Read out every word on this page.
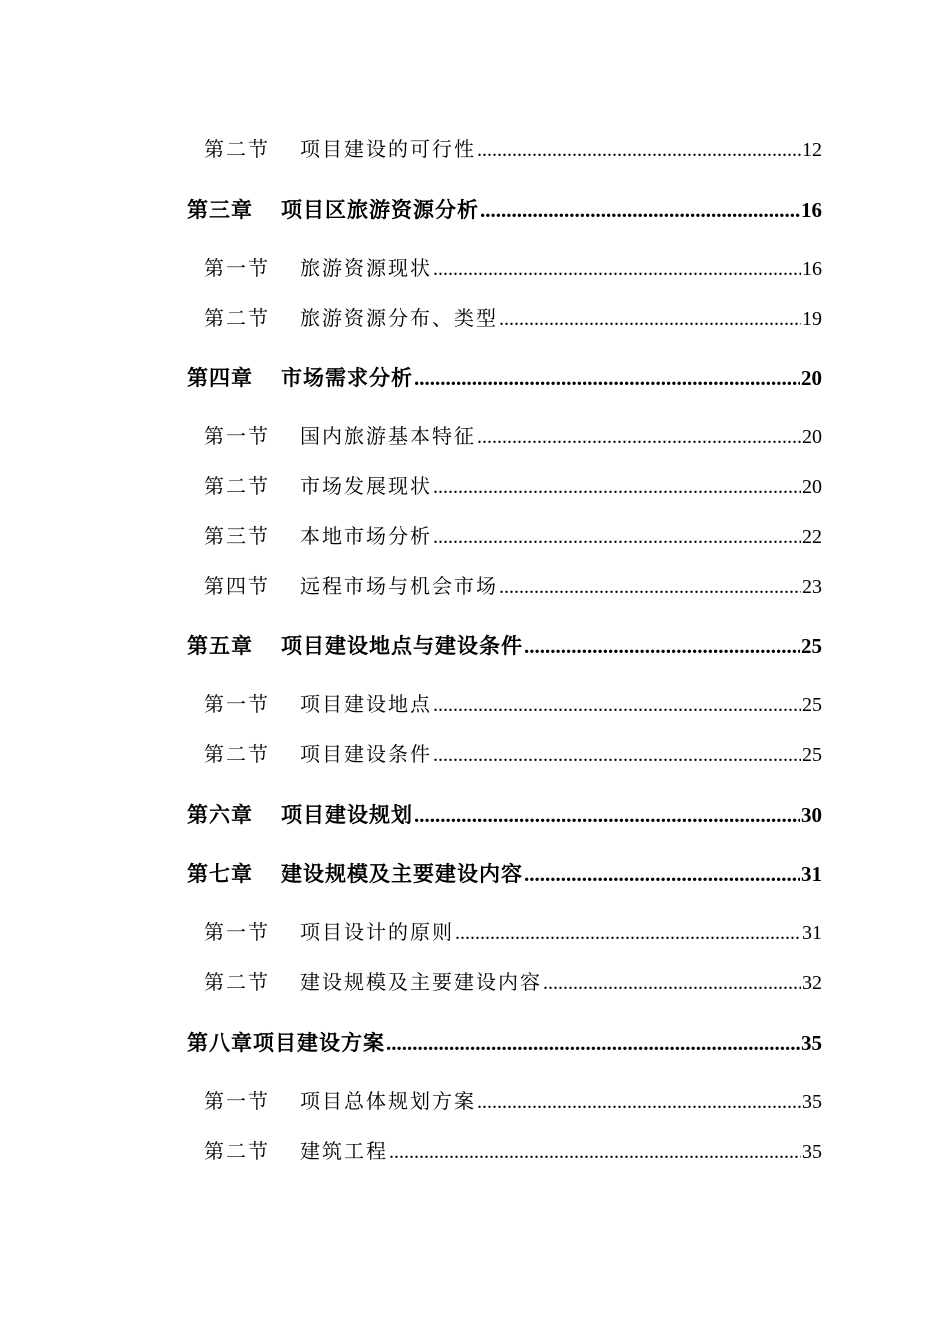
第二节 项目建设的可行性 .....	12
第三章 项目区旅游资源分析 .....	16
第一节 旅游资源现状 .....	16
第二节 旅游资源分布、类型 .....	19
第四章 市场需求分析 .....	20
第一节 国内旅游基本特征 .....	20
第二节 市场发展现状 .....	20
第三节 本地市场分析 .....	22
第四节 远程市场与机会市场 .....	23
第五章 项目建设地点与建设条件 .....	25
第一节 项目建设地点 .....	25
第二节 项目建设条件 .....	25
第六章 项目建设规划 .....	30
第七章 建设规模及主要建设内容 .....	31
第一节 项目设计的原则 .....	31
第二节 建设规模及主要建设内容 .....	32
第八章 项目建设方案 .....	35
第一节 项目总体规划方案 .....	35
第二节 建筑工程 .....	35
